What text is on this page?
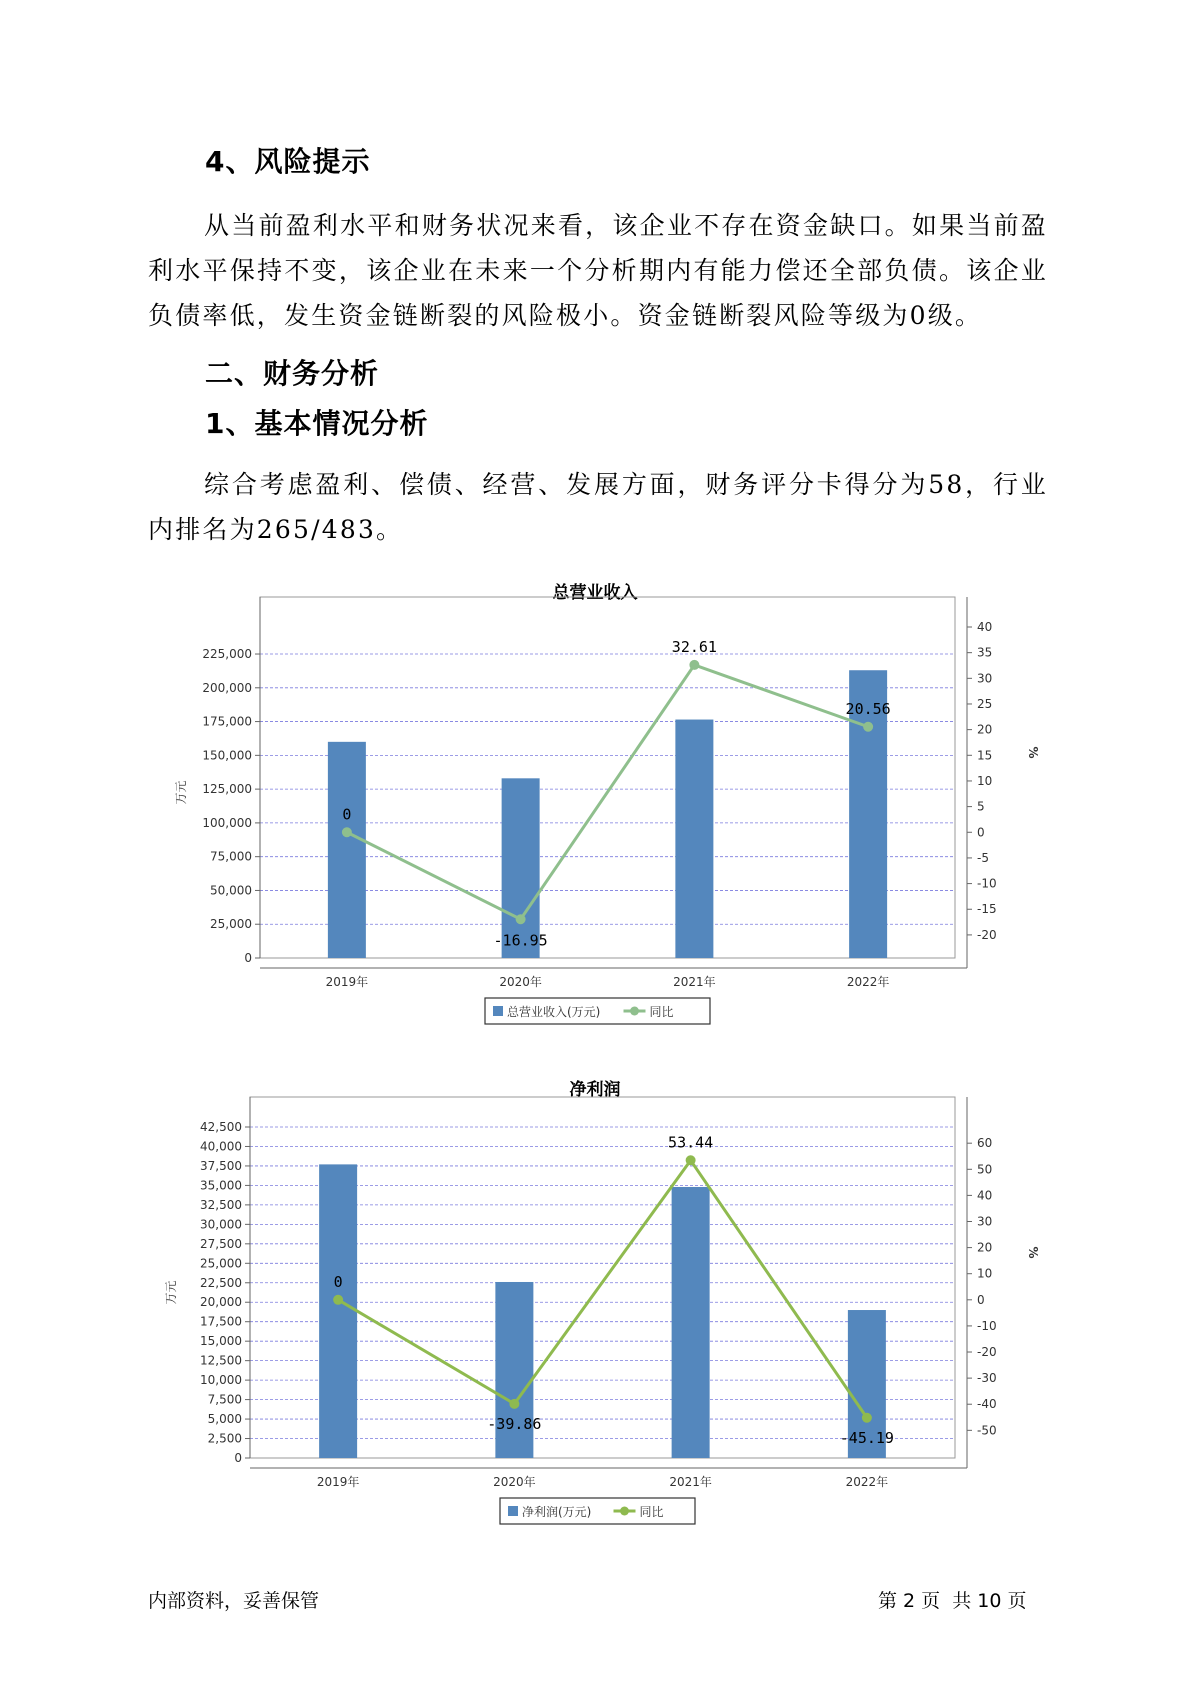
4、风险提示
从当前盈利水平和财务状况来看，该企业不存在资金缺口。如果当前盈利水平保持不变，该企业在未来一个分析期内有能力偿还全部负债。该企业负债率低，发生资金链断裂的风险极小。资金链断裂风险等级为0级。
二、财务分析
1、基本情况分析
综合考虑盈利、偿债、经营、发展方面，财务评分卡得分为58，行业内排名为265/483。
总营业收入
0
25,000
50,000
75,000
100,000
125,000
150,000
175,000
200,000
225,000
万元
40
35
30
25
20
15
10
5
0
-5
-10
-15
-20
%
2019年	2020年	2021年	2022年
0
-16.95
32.61
20.56
总营业收入(万元)	同比
净利润
0
2,500
5,000
7,500
10,000
12,500
15,000
17,500
20,000
22,500
25,000
27,500
30,000
32,500
35,000
37,500
40,000
42,500
万元
60
50
40
30
20
10
0
-10
-20
-30
-40
-50
%
2019年	2020年	2021年	2022年
0
-39.86
53.44
-45.19
净利润(万元)	同比
内部资料，妥善保管	第 2 页  共 10 页
